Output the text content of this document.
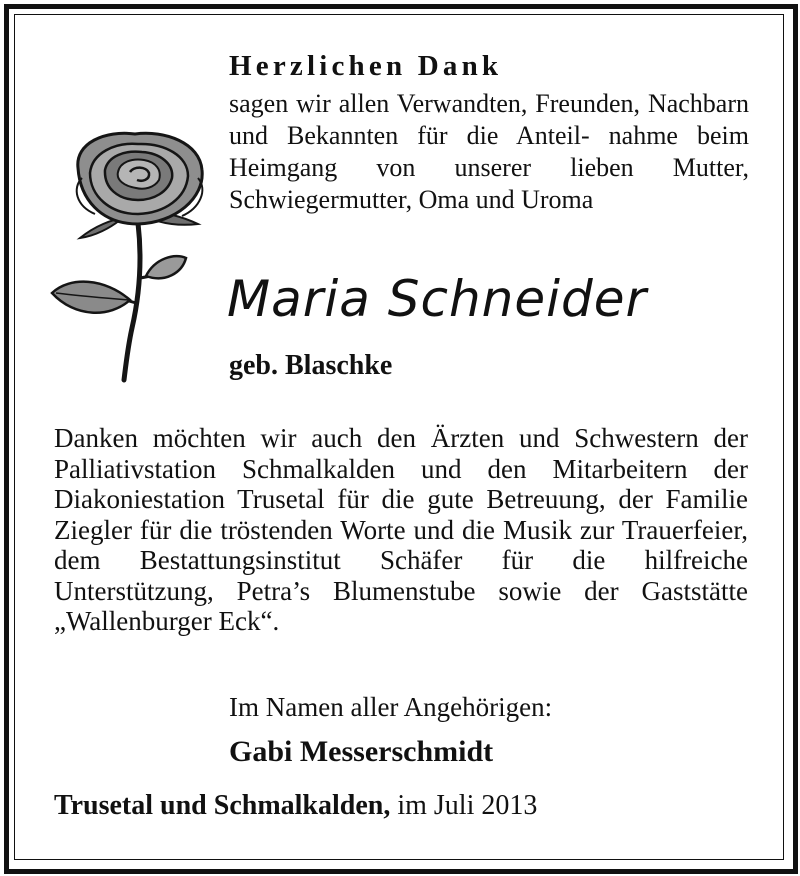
Herzlichen Dank
sagen wir allen Verwandten, Freunden, Nachbarn und Bekannten für die Anteil- nahme beim Heimgang von unserer lieben Mutter, Schwiegermutter, Oma und Uroma
Maria Schneider
geb. Blaschke
Danken möchten wir auch den Ärzten und Schwestern der Palliativstation Schmalkalden und den Mitarbeitern der Diakoniestation Trusetal für die gute Betreuung, der Familie Ziegler für die tröstenden Worte und die Musik zur Trauerfeier, dem Bestattungsinstitut Schäfer für die hilfreiche Unterstützung, Petra’s Blumenstube sowie der Gaststätte „Wallenburger Eck“.
Im Namen aller Angehörigen:
Gabi Messerschmidt
Trusetal und Schmalkalden, im Juli 2013
